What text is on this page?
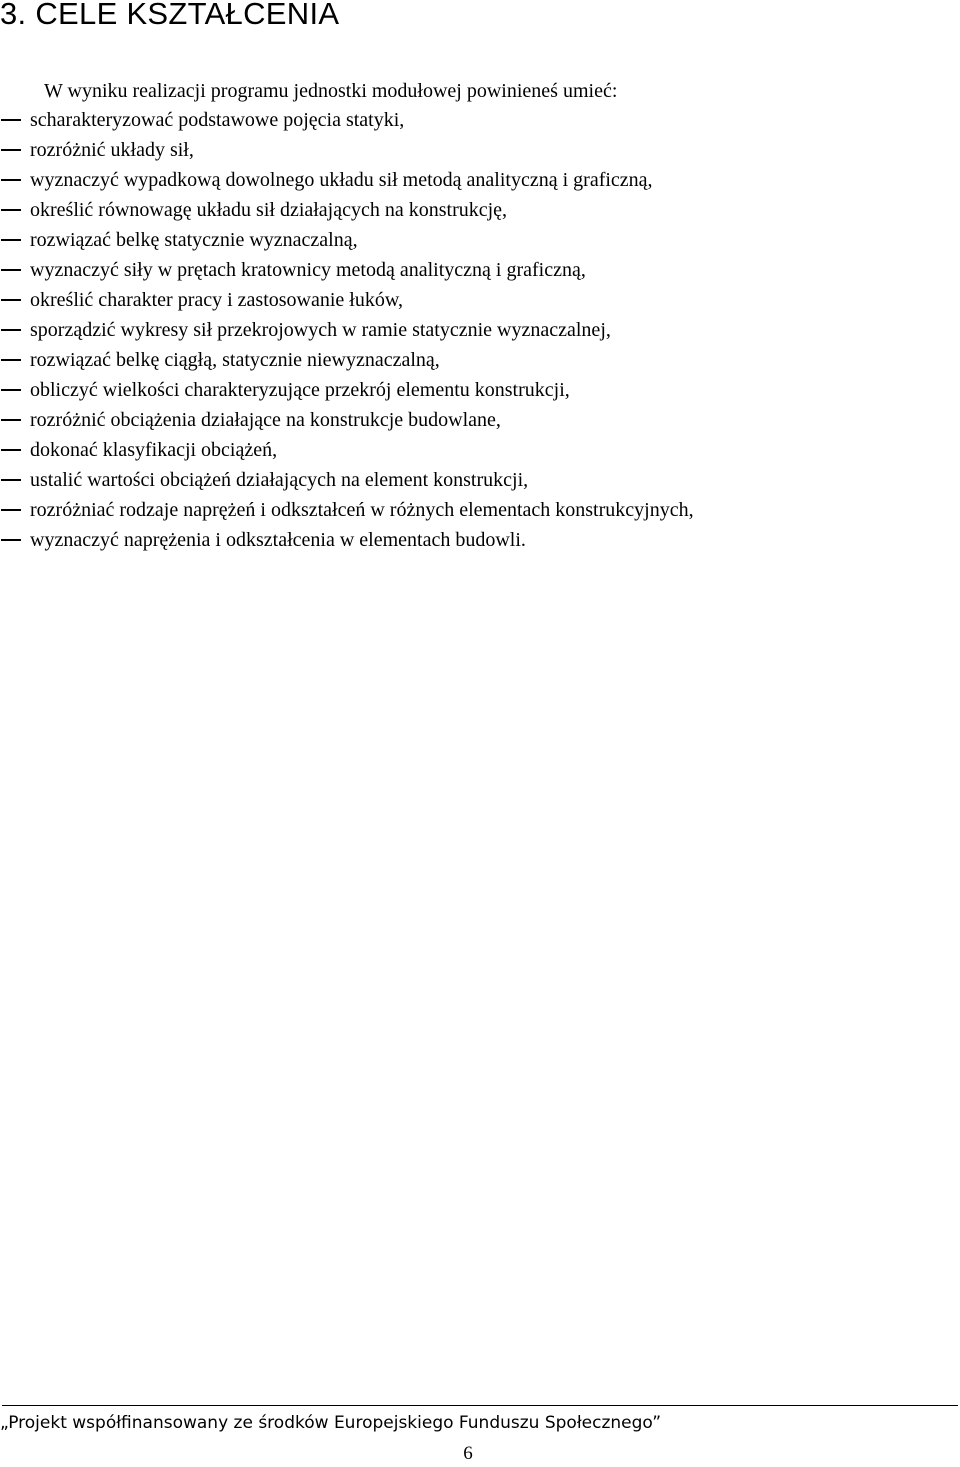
3. CELE KSZTAŁCENIA

W wyniku realizacji programu jednostki modułowej powinieneś umieć:

scharakteryzować podstawowe pojęcia statyki,
rozróżnić układy sił,
wyznaczyć wypadkową dowolnego układu sił metodą analityczną i graficzną,
określić równowagę układu sił działających na konstrukcję,
rozwiązać belkę statycznie wyznaczalną,
wyznaczyć siły w prętach kratownicy metodą analityczną i graficzną,
określić charakter pracy i zastosowanie łuków,
sporządzić wykresy sił przekrojowych w ramie statycznie wyznaczalnej,
rozwiązać belkę ciągłą, statycznie niewyznaczalną,
obliczyć wielkości charakteryzujące przekrój elementu konstrukcji,
rozróżnić obciążenia działające na konstrukcje budowlane,
dokonać klasyfikacji obciążeń,
ustalić wartości obciążeń działających na element konstrukcji,
rozróżniać rodzaje naprężeń i odkształceń w różnych elementach konstrukcyjnych,
wyznaczyć naprężenia i odkształcenia w elementach budowli.

„Projekt współfinansowany ze środków Europejskiego Funduszu Społecznego”

6
